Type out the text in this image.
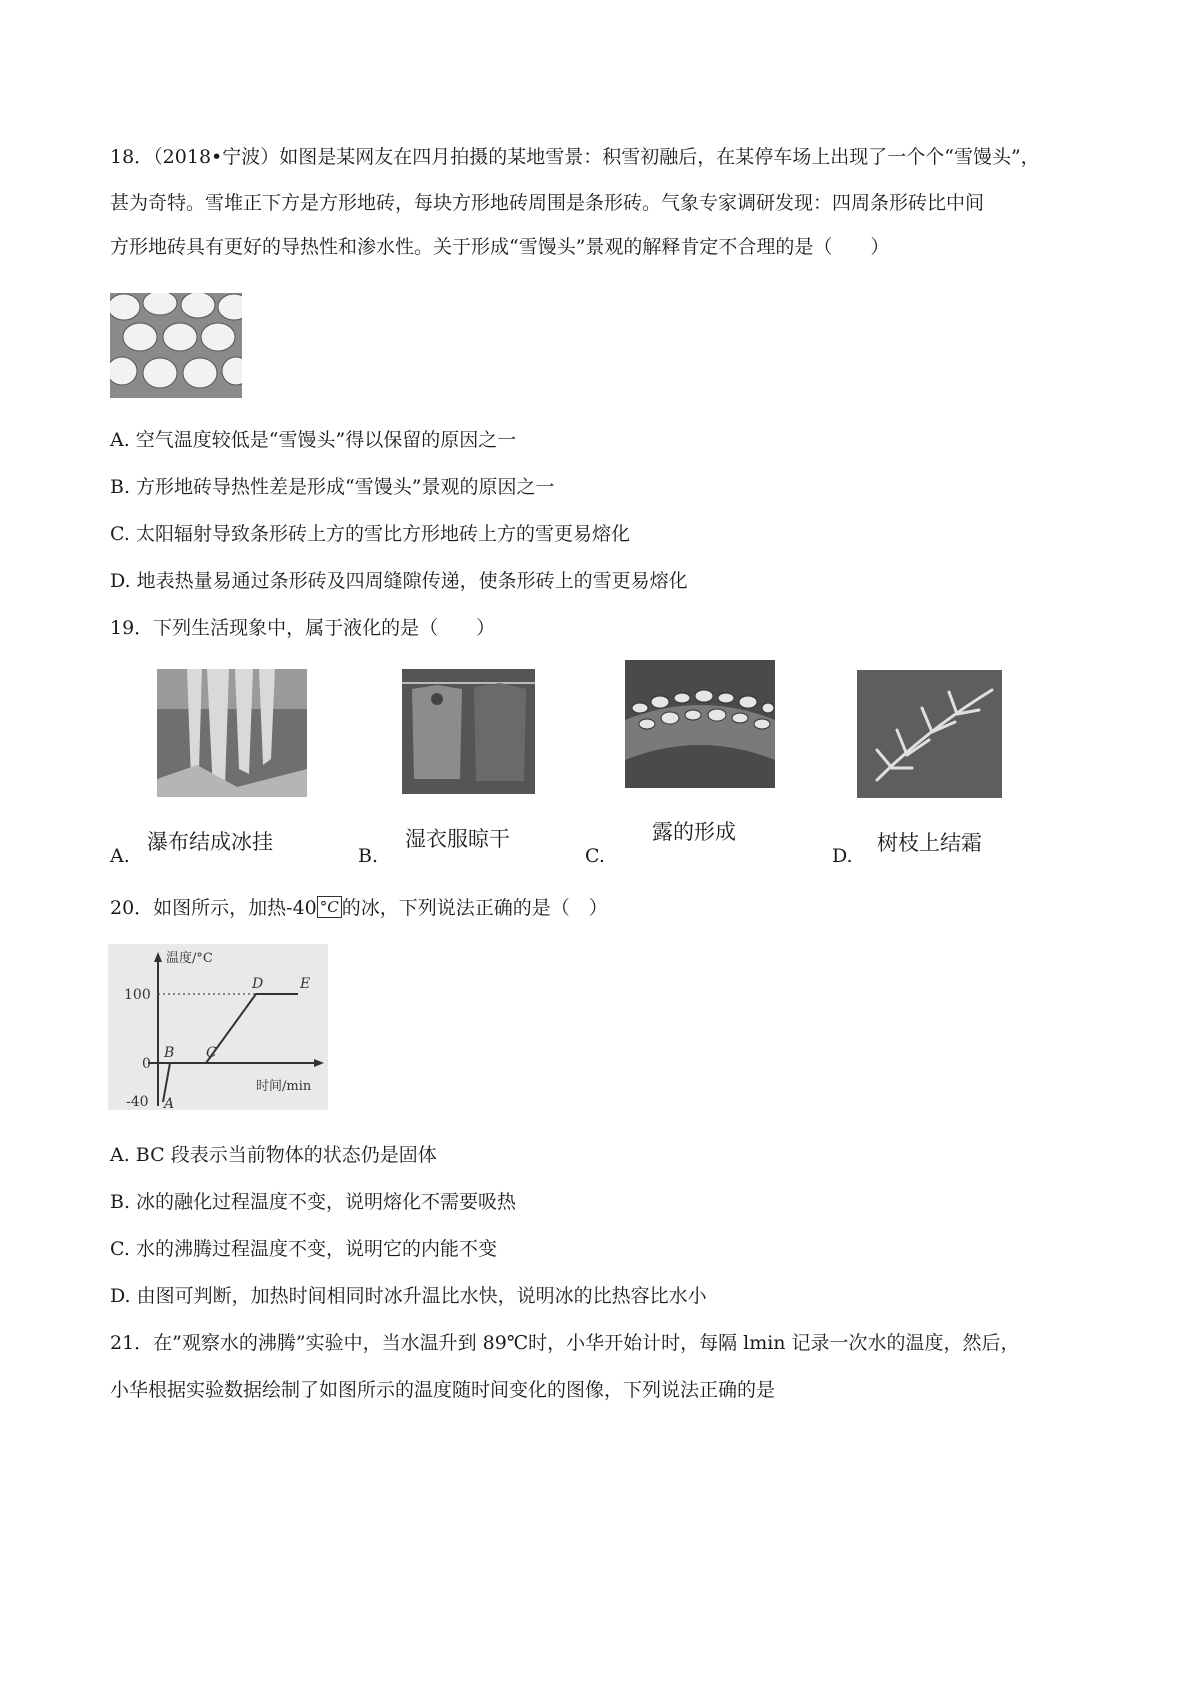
18．（2018•宁波）如图是某网友在四月拍摄的某地雪景：积雪初融后，在某停车场上出现了一个个“雪馒头”，
甚为奇特。雪堆正下方是方形地砖，每块方形地砖周围是条形砖。气象专家调研发现：四周条形砖比中间
方形地砖具有更好的导热性和渗水性。关于形成“雪馒头”景观的解释肯定不合理的是（　　）
A. 空气温度较低是“雪馒头”得以保留的原因之一
B. 方形地砖导热性差是形成“雪馒头”景观的原因之一
C. 太阳辐射导致条形砖上方的雪比方形地砖上方的雪更易熔化
D. 地表热量易通过条形砖及四周缝隙传递，使条形砖上的雪更易熔化
19．下列生活现象中，属于液化的是（　　）
A.
瀑布结成冰挂
B.
湿衣服晾干
C.
露的形成
D.
树枝上结霜
20．如图所示，加热-40 °C 的冰，下列说法正确的是（　）
温度/°C
时间/min
100
0
-40 A
B C
D	E
A. BC 段表示当前物体的状态仍是固体
B. 冰的融化过程温度不变，说明熔化不需要吸热
C. 水的沸腾过程温度不变，说明它的内能不变
D. 由图可判断，加热时间相同时冰升温比水快，说明冰的比热容比水小
21．在”观察水的沸腾”实验中，当水温升到 89℃时，小华开始计时，每隔 lmin 记录一次水的温度，然后，
小华根据实验数据绘制了如图所示的温度随时间变化的图像，下列说法正确的是
